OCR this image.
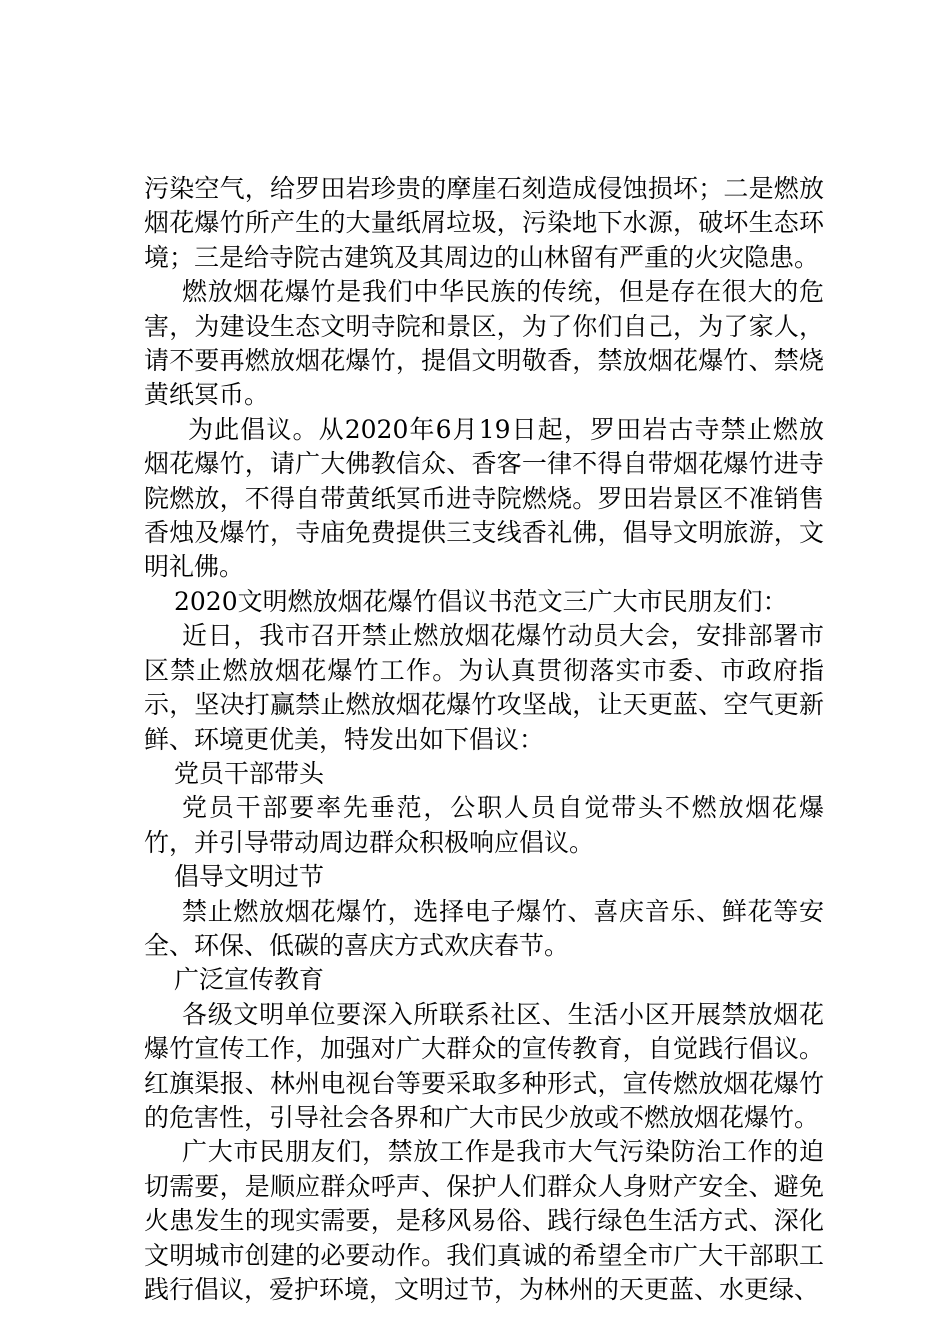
污染空气，给罗田岩珍贵的摩崖石刻造成侵蚀损坏；二是燃放烟花爆竹所产生的大量纸屑垃圾，污染地下水源，破坏生态环境；三是给寺院古建筑及其周边的山林留有严重的火灾隐患。

燃放烟花爆竹是我们中华民族的传统，但是存在很大的危害，为建设生态文明寺院和景区，为了你们自己，为了家人，请不要再燃放烟花爆竹，提倡文明敬香，禁放烟花爆竹、禁烧黄纸冥币。

为此倡议。从2020年6月19日起，罗田岩古寺禁止燃放烟花爆竹，请广大佛教信众、香客一律不得自带烟花爆竹进寺院燃放，不得自带黄纸冥币进寺院燃烧。罗田岩景区不准销售香烛及爆竹，寺庙免费提供三支线香礼佛，倡导文明旅游，文明礼佛。

2020文明燃放烟花爆竹倡议书范文三广大市民朋友们：

近日，我市召开禁止燃放烟花爆竹动员大会，安排部署市区禁止燃放烟花爆竹工作。为认真贯彻落实市委、市政府指示，坚决打赢禁止燃放烟花爆竹攻坚战，让天更蓝、空气更新鲜、环境更优美，特发出如下倡议：

党员干部带头

党员干部要率先垂范，公职人员自觉带头不燃放烟花爆竹，并引导带动周边群众积极响应倡议。

倡导文明过节

禁止燃放烟花爆竹，选择电子爆竹、喜庆音乐、鲜花等安全、环保、低碳的喜庆方式欢庆春节。

广泛宣传教育

各级文明单位要深入所联系社区、生活小区开展禁放烟花爆竹宣传工作，加强对广大群众的宣传教育，自觉践行倡议。红旗渠报、林州电视台等要采取多种形式，宣传燃放烟花爆竹的危害性，引导社会各界和广大市民少放或不燃放烟花爆竹。

广大市民朋友们，禁放工作是我市大气污染防治工作的迫切需要，是顺应群众呼声、保护人们群众人身财产安全、避免火患发生的现实需要，是移风易俗、践行绿色生活方式、深化文明城市创建的必要动作。我们真诚的希望全市广大干部职工践行倡议，爱护环境，文明过节，为林州的天更蓝、水更绿、
